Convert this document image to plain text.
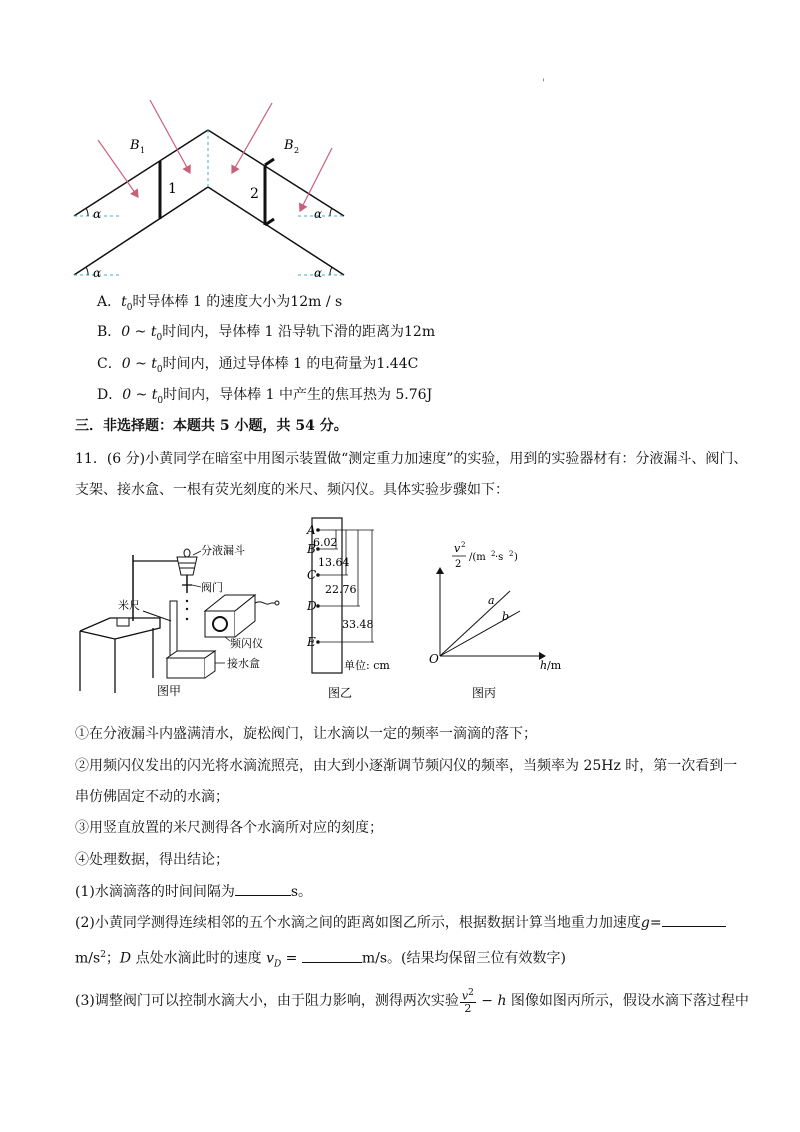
'
α
α
α
α
1	2
B 1	B 2
A．$t_0$时导体棒 1 的速度大小为12m / s
B．0 ~ $t_0$时间内，导体棒 1 沿导轨下滑的距离为12m
C．0 ~ $t_0$时间内，通过导体棒 1 的电荷量为1.44C
D．0 ~ $t_0$时间内，导体棒 1 中产生的焦耳热为 5.76J
三．非选择题：本题共 5 小题，共 54 分。
11．(6 分)小黄同学在暗室中用图示装置做“测定重力加速度”的实验，用到的实验器材有：分液漏斗、阀门、
支架、接水盒、一根有荧光刻度的米尺、频闪仪。具体实验步骤如下：
分液漏斗
阀门
米尺
频闪仪
接水盒
图甲
A
B
C
D
E
6.02
13.64
22.76
33.48
单位: cm
图乙
a
b
O	h /m
v 2
2
/(m 2 ·s 2 )
图丙
①在分液漏斗内盛满清水，旋松阀门，让水滴以一定的频率一滴滴的落下；
②用频闪仪发出的闪光将水滴流照亮，由大到小逐渐调节频闪仪的频率，当频率为 25Hz 时，第一次看到一
串仿佛固定不动的水滴；
③用竖直放置的米尺测得各个水滴所对应的刻度；
④处理数据，得出结论；
(1)水滴滴落的时间间隔为	s。
(2)小黄同学测得连续相邻的五个水滴之间的距离如图乙所示，根据数据计算当地重力加速度g=
$m/s^2$；D 点处水滴此时的速度 $v_D$ =	m/s。(结果均保留三位有效数字)
(3)调整阀门可以控制水滴大小，由于阻力影响，测得两次实验 $\frac{v^2}{2} - h$ 图像如图丙所示，假设水滴下落过程中
